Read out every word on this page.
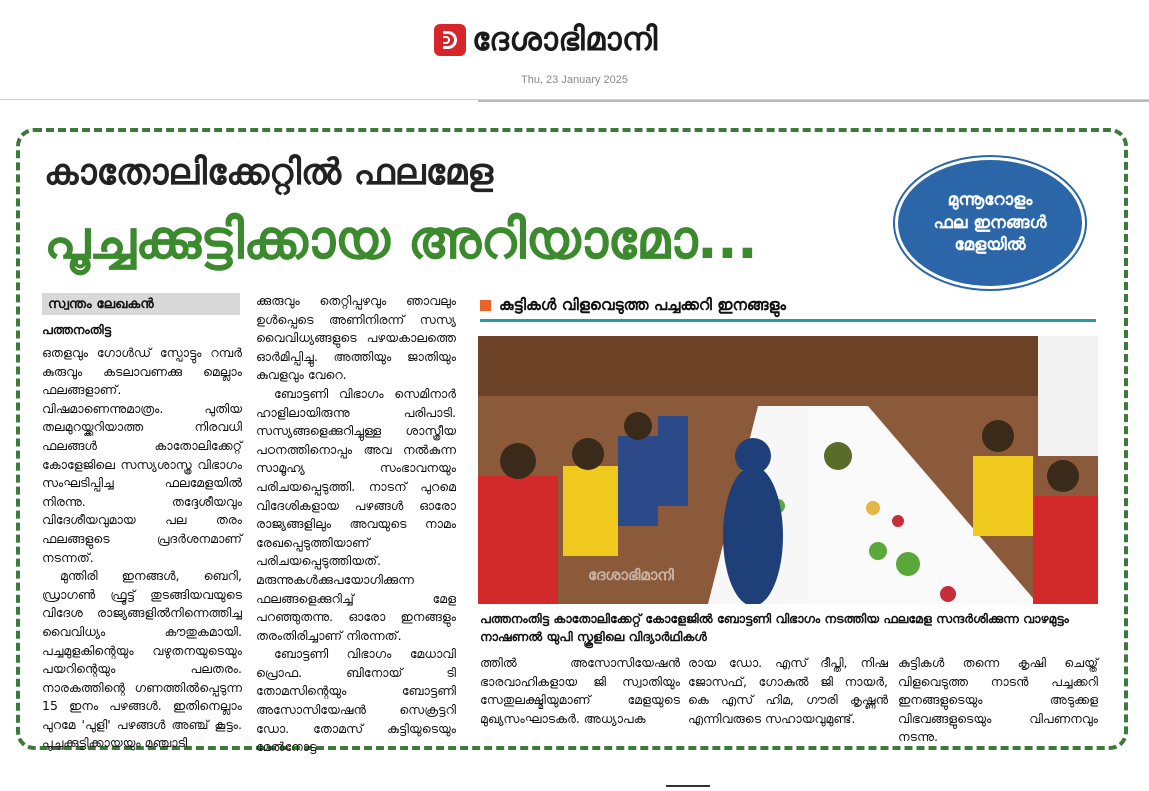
ദേശാഭിമാനി
Thu, 23 January 2025
കാതോലിക്കേറ്റിൽ ഫലമേള
പൂച്ചക്കുട്ടിക്കായ അറിയാമോ...
മുന്നൂറോളം
ഫല ഇനങ്ങൾ
മേളയിൽ
സ്വന്തം ലേഖകൻ
പത്തനംതിട്ട

ഒതളവും ഗോൾഡ് സ്പോട്ടും റമ്പർ കുരുവും കടലാവണക്കു മെല്ലാം ഫലങ്ങളാണ്. വിഷമാണെന്നുമാത്രം. പുതിയ തലമുറയ്ക്കറിയാത്ത നിരവധി ഫലങ്ങൾ കാതോലിക്കേറ്റ് കോളേജിലെ സസ്യശാസ്ത്ര വിഭാഗം സംഘടിപ്പിച്ച ഫലമേളയിൽ നിരന്നു. തദ്ദേശീയവും വിദേശീയവുമായ പല തരം ഫലങ്ങളുടെ പ്രദർശനമാണ് നടന്നത്.

മുന്തിരി ഇനങ്ങൾ, ബെറി, ഡ്രാഗൺ ഫ്രൂട്ട് തുടങ്ങിയവയുടെ വിദേശ രാജ്യങ്ങളിൽനിന്നെത്തിച്ച വൈവിധ്യം കൗതുകമായി. പച്ചമുളകിന്റെയും വഴുതനയുടെയും പയറിന്റെയും പലതരം. നാരകത്തിന്റെ ഗണത്തിൽപ്പെടുന്ന 15 ഇനം പഴങ്ങൾ. ഇതിനെല്ലാം പുറമേ 'പുളി' പഴങ്ങൾ അഞ്ച് കൂട്ടം. പൂച്ചക്കുട്ടിക്കായയും മഞ്ചാടി

ക്കുരുവും തെറ്റിപ്പഴവും ഞാവലും ഉൾപ്പെടെ അണിനിരന്ന് സസ്യ വൈവിധ്യങ്ങളുടെ പഴയകാലത്തെ ഓർമിപ്പിച്ചു. അത്തിയും ജാതിയും കുവളവും വേറെ.

ബോട്ടണി വിഭാഗം സെമിനാർ ഹാളിലായിരുന്നു പരിപാടി. സസ്യങ്ങളെക്കുറിച്ചുള്ള ശാസ്ത്രീയ പഠനത്തിനൊപ്പം അവ നൽകുന്ന സാമൂഹ്യ സംഭാവനയും പരിചയപ്പെടുത്തി. നാടന് പുറമെ വിദേശികളായ പഴങ്ങൾ ഓരോ രാജ്യങ്ങളിലും അവയുടെ നാമം രേഖപ്പെടുത്തിയാണ് പരിചയപ്പെടുത്തിയത്. മരുന്നുകൾക്കുപയോഗിക്കുന്ന ഫലങ്ങളെക്കുറിച്ച് മേള പറഞ്ഞുതന്നു. ഓരോ ഇനങ്ങളും തരംതിരിച്ചാണ് നിരന്നത്.

ബോട്ടണി വിഭാഗം മേധാവി പ്രൊഫ. ബിനോയ് ടി തോമസിന്റെയും ബോട്ടണി അസോസിയേഷൻ സെക്രട്ടറി ഡോ. തോമസ് കുട്ടിയുടെയും മേൽനോട്ട

കുട്ടികൾ വിളവെടുത്ത പച്ചക്കറി ഇനങ്ങളും
ദേശാഭിമാനി
പത്തനംതിട്ട കാതോലിക്കേറ്റ് കോളേജിൽ ബോട്ടണി വിഭാഗം നടത്തിയ ഫലമേള സന്ദർശിക്കുന്ന വാഴമുട്ടം നാഷണൽ യുപി സ്കൂളിലെ വിദ്യാർഥികൾ

ത്തിൽ അസോസിയേഷൻ ഭാരവാഹികളായ ജി സ്വാതിയും സേതുലക്ഷ്മിയുമാണ് മേളയുടെ മുഖ്യസംഘാടകർ. അധ്യാപക

രായ ഡോ. എസ് ദീപ്തി, നിഷ ജോസഫ്, ഗോകുൽ ജി നായർ, കെ എസ് ഹിമ, ഗൗരി കൃഷ്ണൻ എന്നിവരുടെ സഹായവുമുണ്ട്.

കുട്ടികൾ തന്നെ കൃഷി ചെയ്ത് വിളവെടുത്ത നാടൻ പച്ചക്കറി ഇനങ്ങളുടെയും അടുക്കള വിഭവങ്ങളുടെയും വിപണനവും നടന്നു.
